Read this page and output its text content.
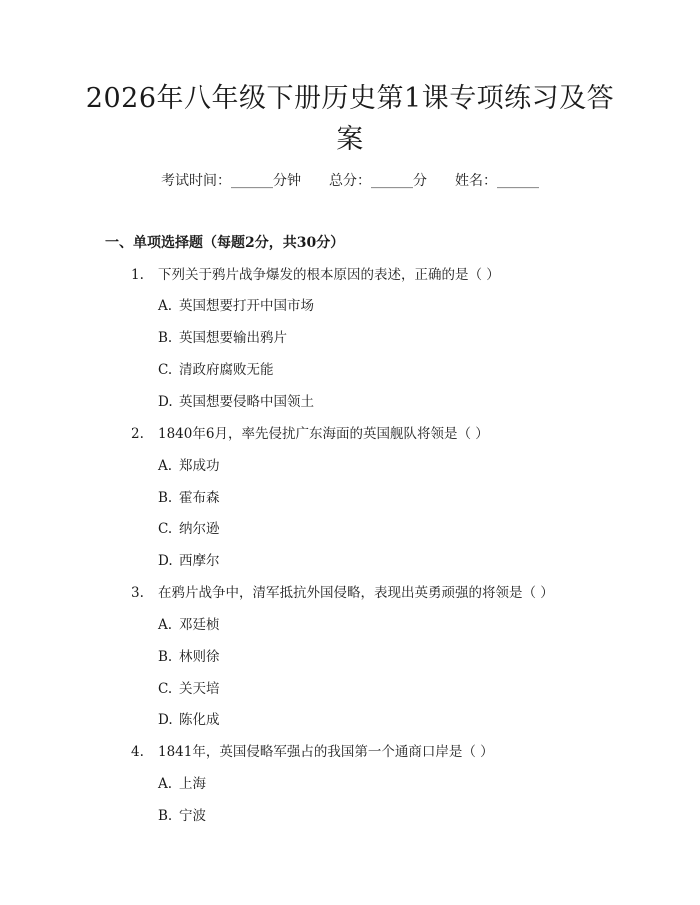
2026年八年级下册历史第1课专项练习及答案
考试时间：______分钟 总分：______分 姓名：______
一、单项选择题（每题2分，共30分）
1. 下列关于鸦片战争爆发的根本原因的表述，正确的是（ ）
A. 英国想要打开中国市场
B. 英国想要输出鸦片
C. 清政府腐败无能
D. 英国想要侵略中国领土
2. 1840年6月，率先侵扰广东海面的英国舰队将领是（ ）
A. 郑成功
B. 霍布森
C. 纳尔逊
D. 西摩尔
3. 在鸦片战争中，清军抵抗外国侵略，表现出英勇顽强的将领是（ ）
A. 邓廷桢
B. 林则徐
C. 关天培
D. 陈化成
4. 1841年，英国侵略军强占的我国第一个通商口岸是（ ）
A. 上海
B. 宁波
